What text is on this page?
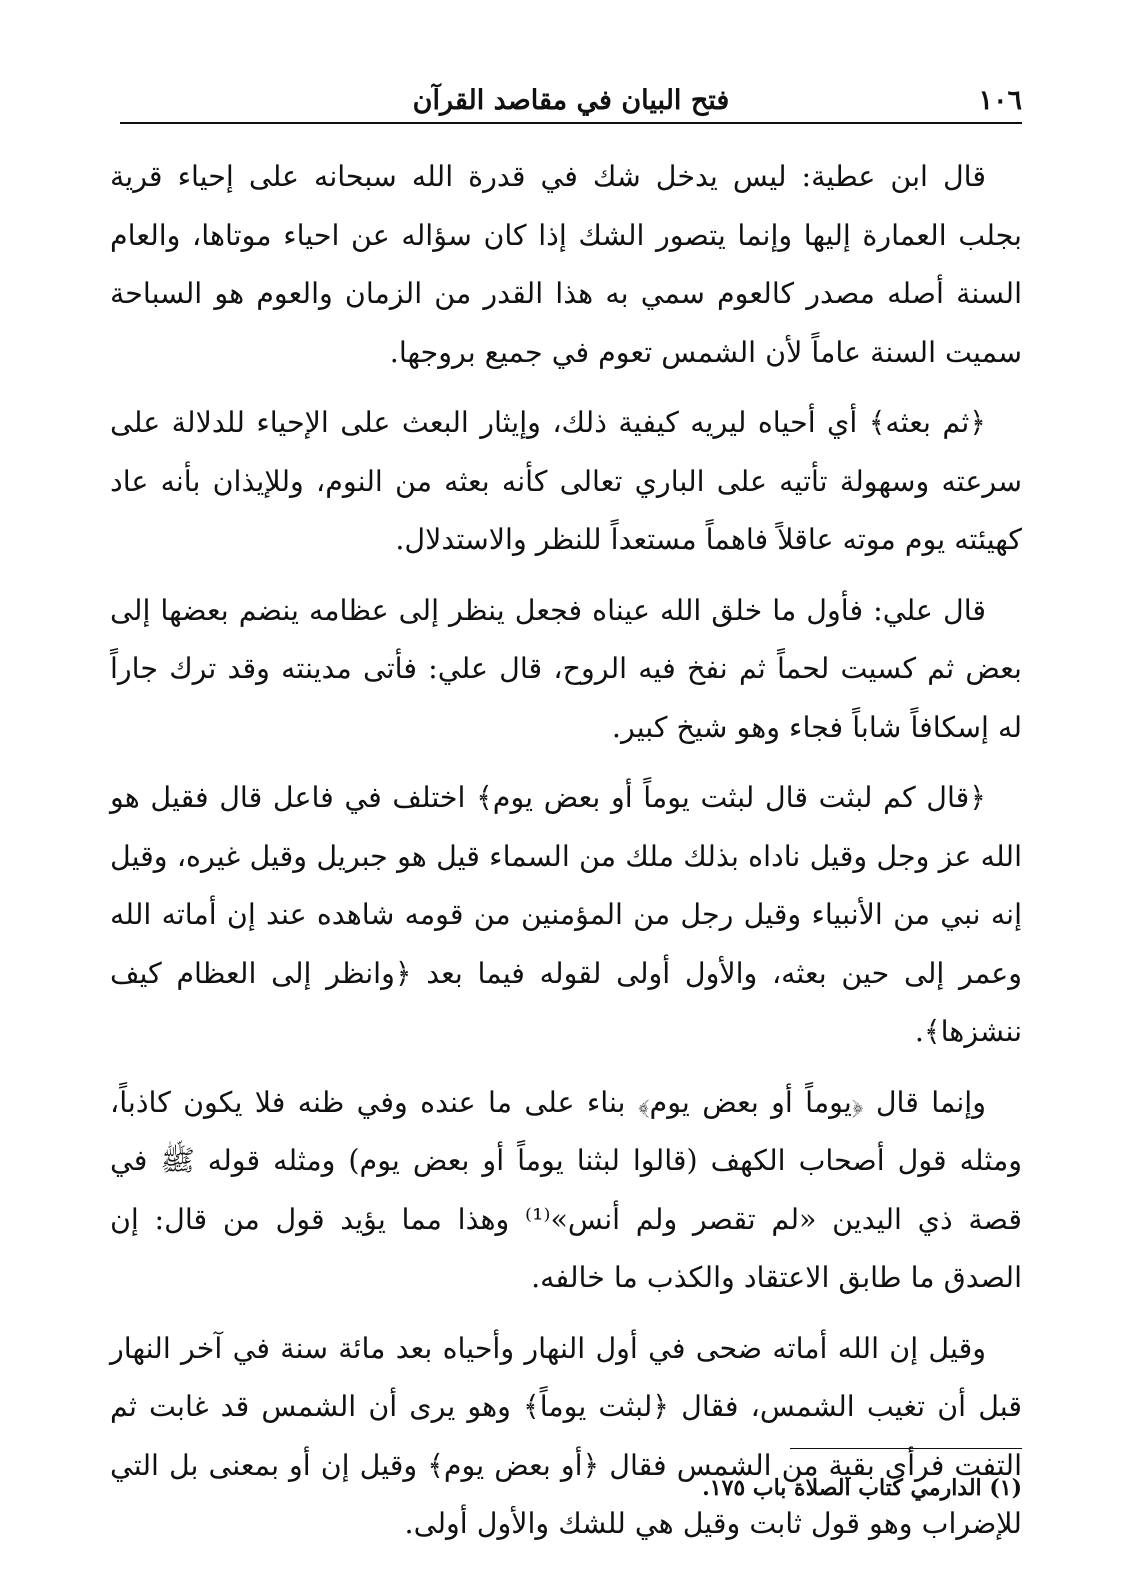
١٠٦
فتح البيان في مقاصد القرآن

قال ابن عطية: ليس يدخل شك في قدرة الله سبحانه على إحياء قرية بجلب العمارة إليها وإنما يتصور الشك إذا كان سؤاله عن احياء موتاها، والعام السنة أصله مصدر كالعوم سمي به هذا القدر من الزمان والعوم هو السباحة سميت السنة عاماً لأن الشمس تعوم في جميع بروجها.

﴿ثم بعثه﴾ أي أحياه ليريه كيفية ذلك، وإيثار البعث على الإحياء للدلالة على سرعته وسهولة تأتيه على الباري تعالى كأنه بعثه من النوم، وللإيذان بأنه عاد كهيئته يوم موته عاقلاً فاهماً مستعداً للنظر والاستدلال.

قال علي: فأول ما خلق الله عيناه فجعل ينظر إلى عظامه ينضم بعضها إلى بعض ثم كسيت لحماً ثم نفخ فيه الروح، قال علي: فأتى مدينته وقد ترك جاراً له إسكافاً شاباً فجاء وهو شيخ كبير.

﴿قال كم لبثت قال لبثت يوماً أو بعض يوم﴾ اختلف في فاعل قال فقيل هو الله عز وجل وقيل ناداه بذلك ملك من السماء قيل هو جبريل وقيل غيره، وقيل إنه نبي من الأنبياء وقيل رجل من المؤمنين من قومه شاهده عند إن أماته الله وعمر إلى حين بعثه، والأول أولى لقوله فيما بعد ﴿وانظر إلى العظام كيف ننشزها﴾.

وإنما قال ﴿يوماً أو بعض يوم﴾ بناء على ما عنده وفي ظنه فلا يكون كاذباً، ومثله قول أصحاب الكهف (قالوا لبثنا يوماً أو بعض يوم) ومثله قوله ﷺ في قصة ذي اليدين «لم تقصر ولم أنس»⁽¹⁾ وهذا مما يؤيد قول من قال: إن الصدق ما طابق الاعتقاد والكذب ما خالفه.

وقيل إن الله أماته ضحى في أول النهار وأحياه بعد مائة سنة في آخر النهار قبل أن تغيب الشمس، فقال ﴿لبثت يوماً﴾ وهو يرى أن الشمس قد غابت ثم التفت فرأى بقية من الشمس فقال ﴿أو بعض يوم﴾ وقيل إن أو بمعنى بل التي للإضراب وهو قول ثابت وقيل هي للشك والأول أولى.

(١) الدارمي كتاب الصلاة باب ١٧٥.
